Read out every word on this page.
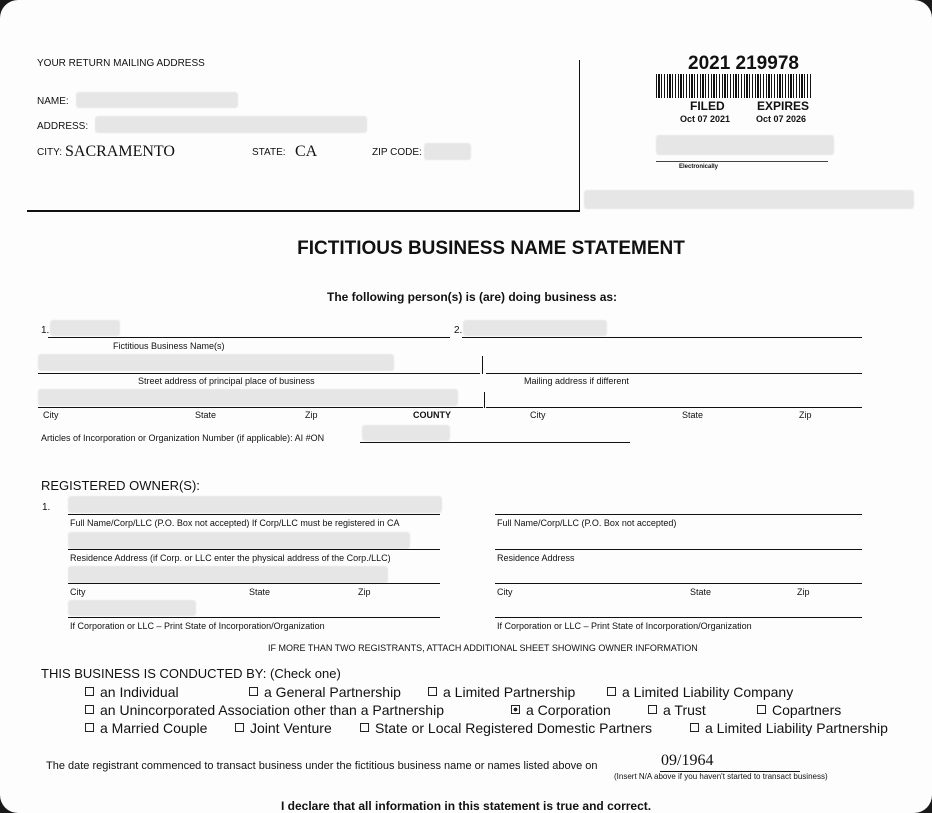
YOUR RETURN MAILING ADDRESS
NAME:
ADDRESS:
CITY: SACRAMENTO	STATE: CA	ZIP CODE:
2021 219978
FILED
Oct 07 2021
EXPIRES
Oct 07 2026
Electronically
FICTITIOUS BUSINESS NAME STATEMENT
The following person(s) is (are) doing business as:
1.	2.
Fictitious Business Name(s)
Street address of principal place of business	Mailing address if different
City	State	Zip	COUNTY	City	State	Zip
Articles of Incorporation or Organization Number (if applicable): AI #ON
REGISTERED OWNER(S):
1.
Full Name/Corp/LLC (P.O. Box not accepted) If Corp/LLC must be registered in CA	Full Name/Corp/LLC (P.O. Box not accepted)
Residence Address (if Corp. or LLC enter the physical address of the Corp./LLC)	Residence Address
City	State	Zip	City	State	Zip
If Corporation or LLC – Print State of Incorporation/Organization	If Corporation or LLC – Print State of Incorporation/Organization
IF MORE THAN TWO REGISTRANTS, ATTACH ADDITIONAL SHEET SHOWING OWNER INFORMATION
THIS BUSINESS IS CONDUCTED BY: (Check one)
an Individual	a General Partnership	a Limited Partnership	a Limited Liability Company
an Unincorporated Association other than a Partnership	a Corporation	a Trust	Copartners
a Married Couple	Joint Venture	State or Local Registered Domestic Partners	a Limited Liability Partnership
The date registrant commenced to transact business under the fictitious business name or names listed above on	09/1964
(Insert N/A above if you haven't started to transact business)
I declare that all information in this statement is true and correct.
